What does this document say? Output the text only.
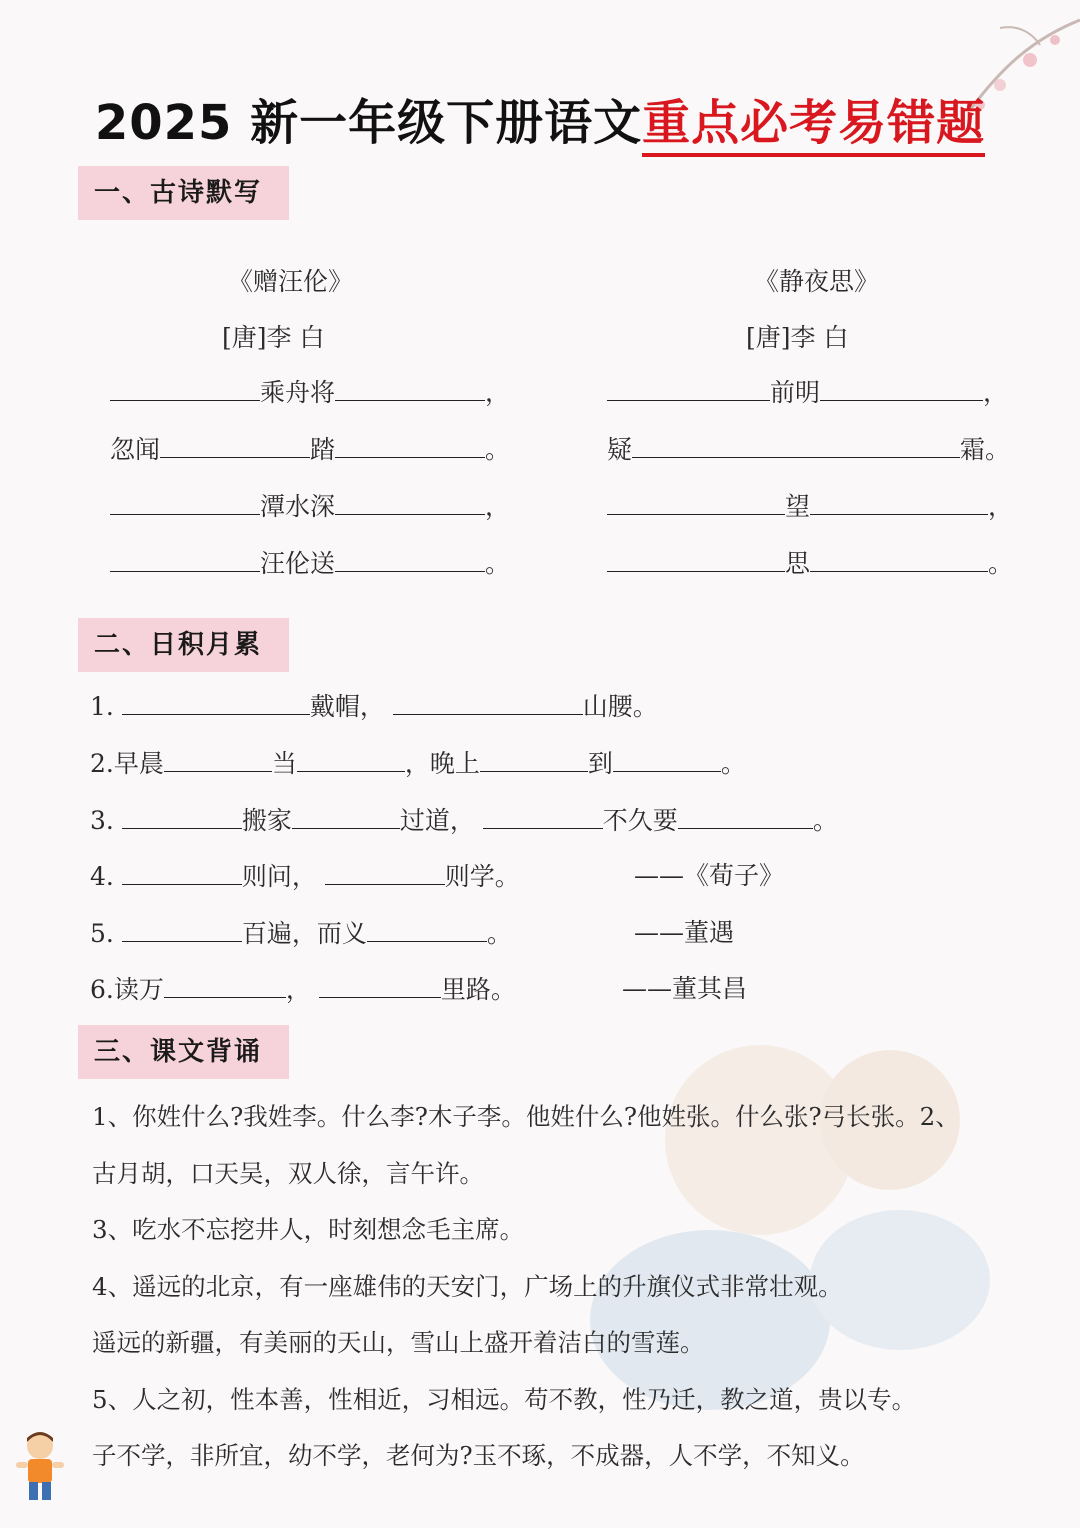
2025 新一年级下册语文重点必考易错题
一、古诗默写
《赠汪伦》
[唐]李 白
《静夜思》
[唐]李 白
乘舟将	，
忽闻	踏	。
潭水深	，
汪伦送	。
前明	，
疑	霜。
望	，
思	。
二、日积月累
1.	戴帽，	山腰。
2.早晨	当	，晚上	到	。
3.	搬家	过道，	不久要	。
4.	则问，	则学。	——《荀子》
5.	百遍，而义	。	——董遇
6.读万	，	里路。	——董其昌
三、课文背诵
1、你姓什么?我姓李。什么李?木子李。他姓什么?他姓张。什么张?弓长张。2、
古月胡，口天吴，双人徐，言午许。
3、吃水不忘挖井人，时刻想念毛主席。
4、遥远的北京，有一座雄伟的天安门，广场上的升旗仪式非常壮观。
遥远的新疆，有美丽的天山，雪山上盛开着洁白的雪莲。
5、人之初，性本善，性相近，习相远。苟不教，性乃迁，教之道，贵以专。
子不学，非所宜，幼不学，老何为?玉不琢，不成器，人不学，不知义。
